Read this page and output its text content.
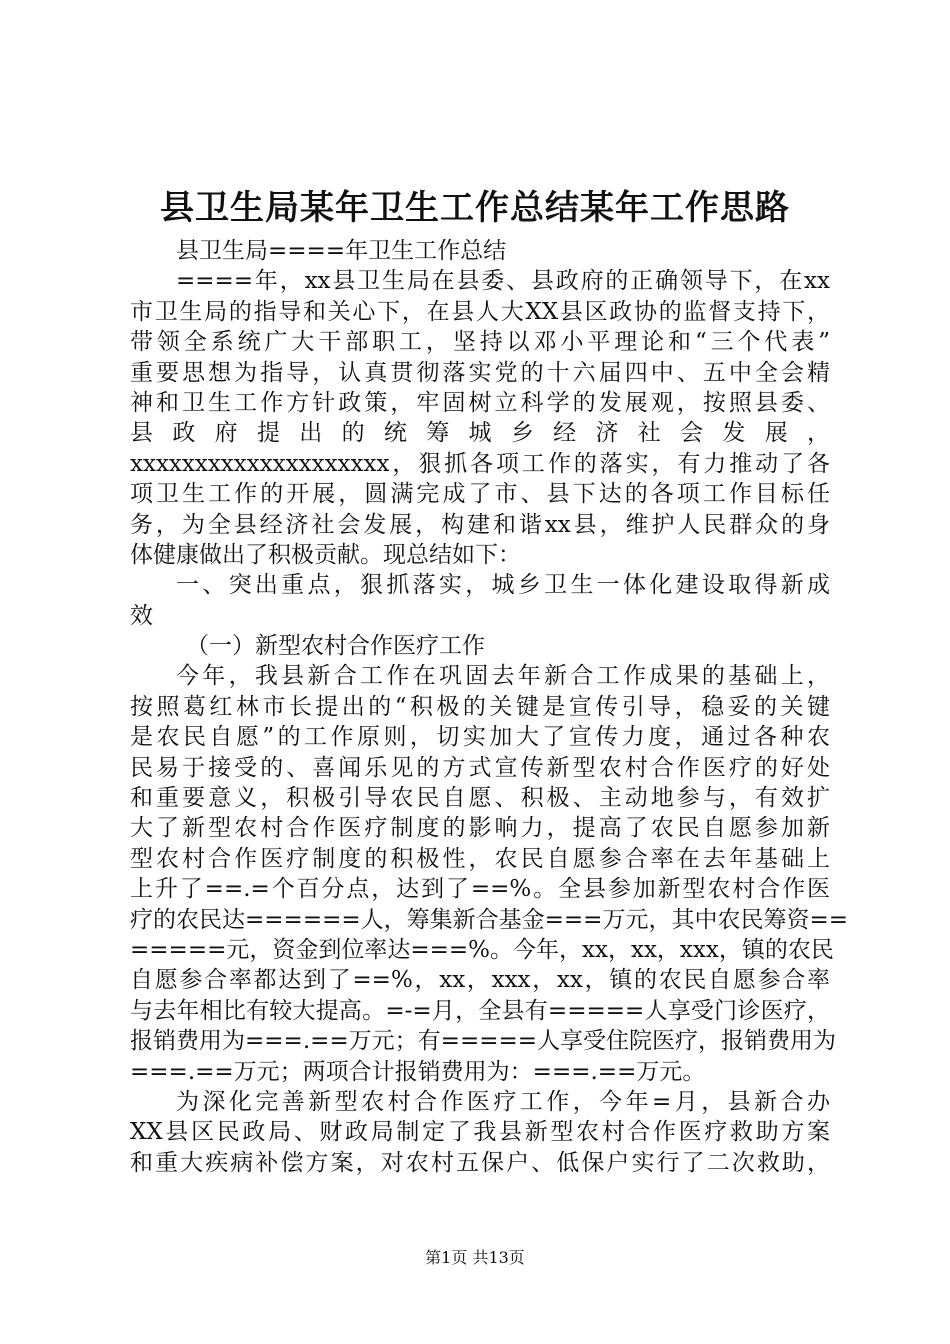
县卫生局某年卫生工作总结某年工作思路
县卫生局====年卫生工作总结
====年，xx县卫生局在县委、县政府的正确领导下，在xx
市卫生局的指导和关心下，在县人大XX县区政协的监督支持下，
带领全系统广大干部职工，坚持以邓小平理论和“三个代表”
重要思想为指导，认真贯彻落实党的十六届四中、五中全会精
神和卫生工作方针政策，牢固树立科学的发展观，按照县委、
县 政 府 提 出 的 统 筹 城 乡 经 济 社 会 发 展 ，
xxxxxxxxxxxxxxxxxxxx，狠抓各项工作的落实，有力推动了各
项卫生工作的开展，圆满完成了市、县下达的各项工作目标任
务，为全县经济社会发展，构建和谐xx县，维护人民群众的身
体健康做出了积极贡献。现总结如下：
一、突出重点，狠抓落实，城乡卫生一体化建设取得新成
效
（一）新型农村合作医疗工作
今年，我县新合工作在巩固去年新合工作成果的基础上，
按照葛红林市长提出的“积极的关键是宣传引导，稳妥的关键
是农民自愿”的工作原则，切实加大了宣传力度，通过各种农
民易于接受的、喜闻乐见的方式宣传新型农村合作医疗的好处
和重要意义，积极引导农民自愿、积极、主动地参与，有效扩
大了新型农村合作医疗制度的影响力，提高了农民自愿参加新
型农村合作医疗制度的积极性，农民自愿参合率在去年基础上
上升了==.=个百分点，达到了==%。全县参加新型农村合作医
疗的农民达======人，筹集新合基金===万元，其中农民筹资==
=====元，资金到位率达===%。今年，xx，xx，xxx，镇的农民
自愿参合率都达到了==%，xx，xxx，xx，镇的农民自愿参合率
与去年相比有较大提高。=-=月，全县有=====人享受门诊医疗，
报销费用为===.==万元；有=====人享受住院医疗，报销费用为
===.==万元；两项合计报销费用为：===.==万元。
为深化完善新型农村合作医疗工作，今年=月，县新合办
XX县区民政局、财政局制定了我县新型农村合作医疗救助方案
和重大疾病补偿方案，对农村五保户、低保户实行了二次救助，
第1页 共13页
